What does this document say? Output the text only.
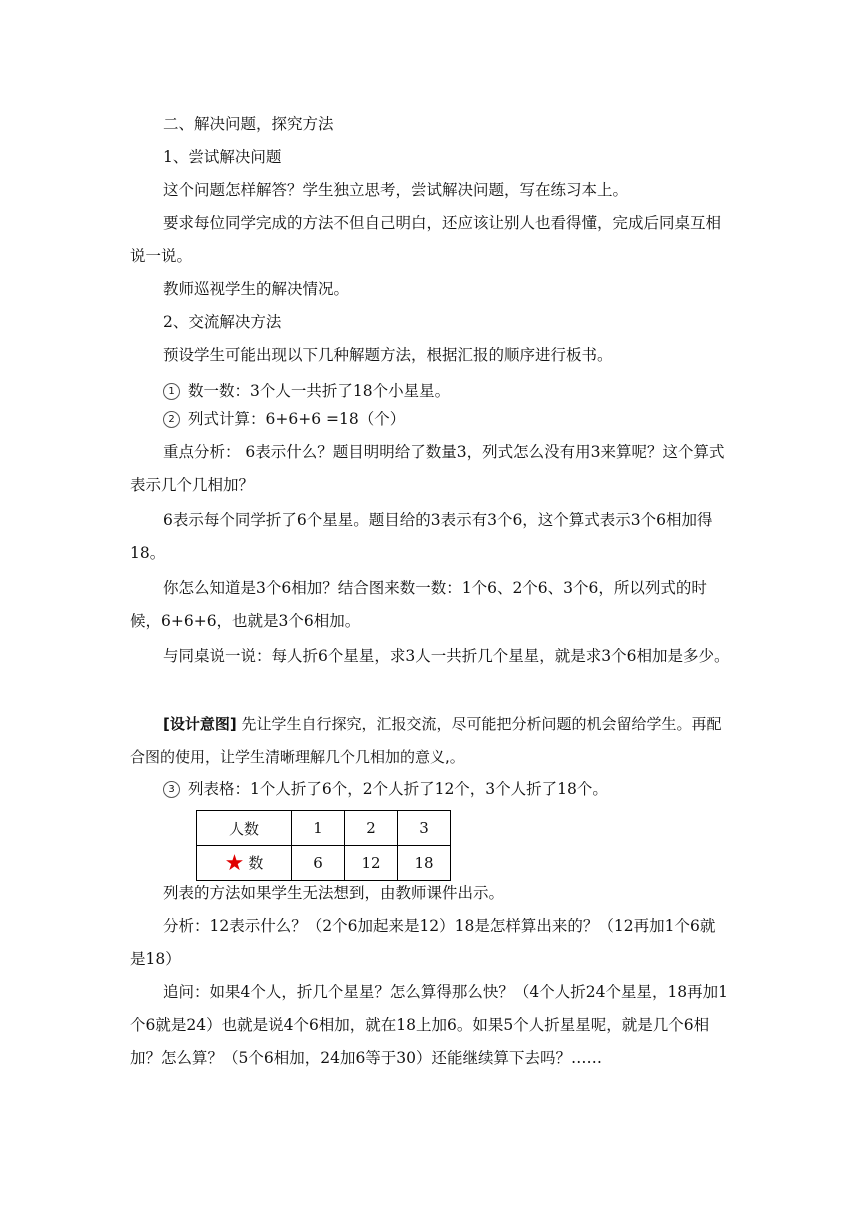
二、解决问题，探究方法

1、尝试解决问题

这个问题怎样解答？学生独立思考，尝试解决问题，写在练习本上。

要求每位同学完成的方法不但自己明白，还应该让别人也看得懂，完成后同桌互相说一说。

教师巡视学生的解决情况。

2、交流解决方法

预设学生可能出现以下几种解题方法，根据汇报的顺序进行板书。

1 数一数：3个人一共折了18个小星星。

2 列式计算：6+6+6 =18（个）

重点分析： 6表示什么？题目明明给了数量3，列式怎么没有用3来算呢？这个算式表示几个几相加？

6表示每个同学折了6个星星。题目给的3表示有3个6，这个算式表示3个6相加得18。

你怎么知道是3个6相加？结合图来数一数：1个6、2个6、3个6，所以列式的时候，6+6+6，也就是3个6相加。

与同桌说一说：每人折6个星星，求3人一共折几个星星，就是求3个6相加是多少。

[设计意图] 先让学生自行探究，汇报交流，尽可能把分析问题的机会留给学生。再配合图的使用，让学生清晰理解几个几相加的意义,。

3 列表格：1个人折了6个，2个人折了12个，3个人折了18个。

人数	1	2	3
★ 数	6	12	18

列表的方法如果学生无法想到，由教师课件出示。

分析：12表示什么？（2个6加起来是12）18是怎样算出来的？（12再加1个6就是18）

追问：如果4个人，折几个星星？怎么算得那么快？（4个人折24个星星，18再加1个6就是24）也就是说4个6相加，就在18上加6。如果5个人折星星呢，就是几个6相加？怎么算？（5个6相加，24加6等于30）还能继续算下去吗？……
